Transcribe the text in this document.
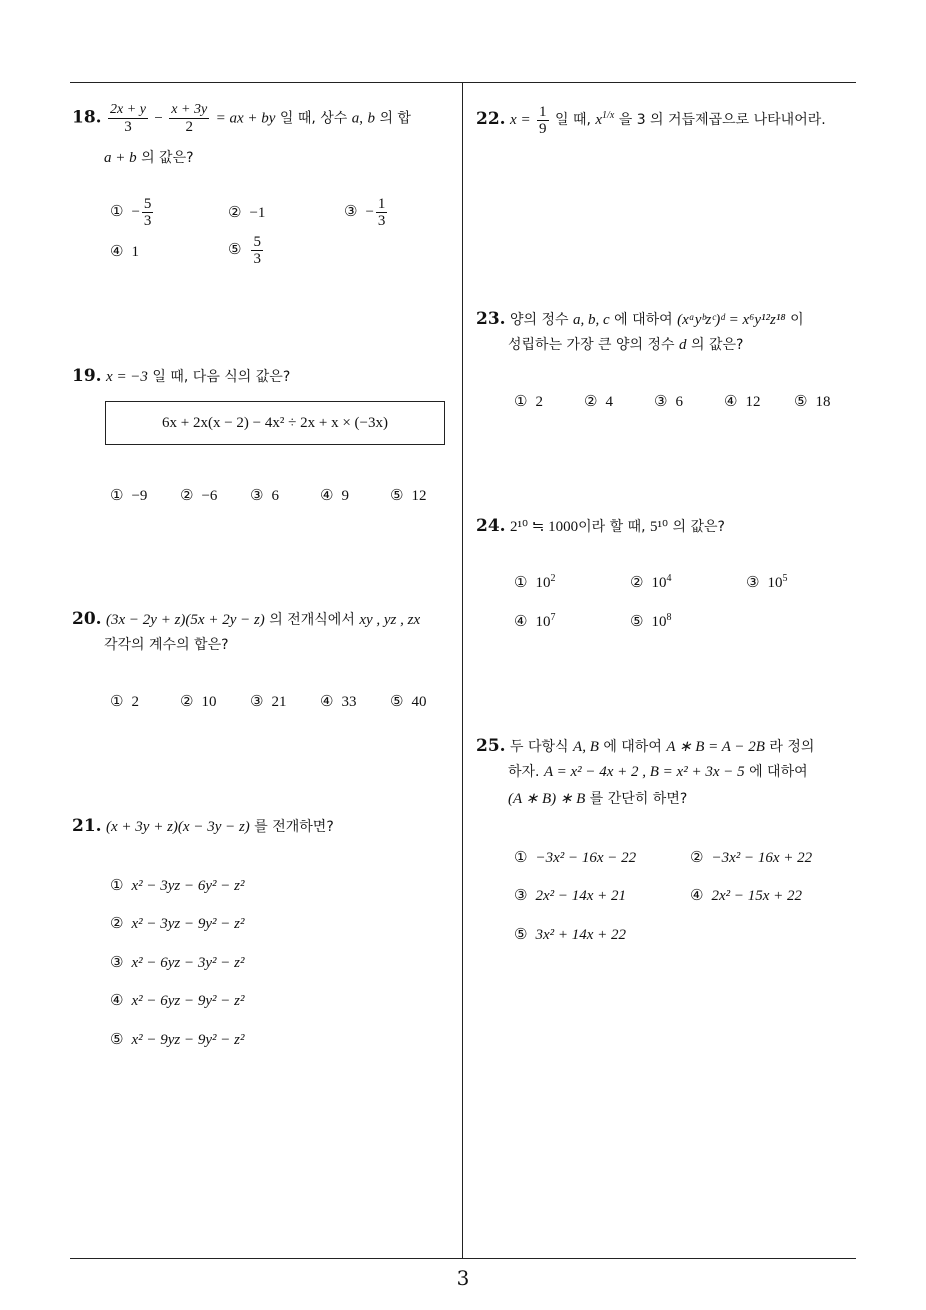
3
18. $\frac{2x + y}{3} - \frac{x + 3y}{2}$ = ax + by 일 때, 상수 a, b 의 합
a + b 의 값은?
① − $\frac{5}{3}$	② −1	③ − $\frac{1}{3}$
④ 1	⑤ $\frac{5}{3}$
19. x = −3 일 때, 다음 식의 값은?
6x + 2x(x − 2) − 4x² ÷ 2x + x × (−3x)
① −9 ② −6 ③ 6	④ 9	⑤ 12
20. (3x − 2y + z)(5x + 2y − z) 의 전개식에서 xy , yz , zx
각각의 계수의 합은?
① 2	② 10 ③ 21 ④ 33 ⑤ 40
21. (x + 3y + z)(x − 3y − z) 를 전개하면?
① x² − 3yz − 6y² − z²
② x² − 3yz − 9y² − z²
③ x² − 6yz − 3y² − z²
④ x² − 6yz − 9y² − z²
⑤ x² − 9yz − 9y² − z²
22. $x = \frac{1}{9}$ 일 때, $x^{1/x}$ 을 3 의 거듭제곱으로 나타내어라.
23. 양의 정수 a, b, c 에 대하여 (xᵃyᵇzᶜ)ᵈ = x⁶y¹²z¹⁸ 이
성립하는 가장 큰 양의 정수 d 의 값은?
① 2	② 4	③ 6	④ 12 ⑤ 18
24. 2¹⁰ ≒ 1000이라 할 때, 5¹⁰ 의 값은?
① $10^2$	② $10^4$	③ $10^5$
④ $10^7$	⑤ $10^8$
25. 두 다항식 A, B 에 대하여 A ∗ B = A − 2B 라 정의
하자. A = x² − 4x + 2 , B = x² + 3x − 5 에 대하여
(A ∗ B) ∗ B 를 간단히 하면?
① −3x² − 16x − 22	② −3x² − 16x + 22
③ 2x² − 14x + 21	④ 2x² − 15x + 22
⑤ 3x² + 14x + 22
